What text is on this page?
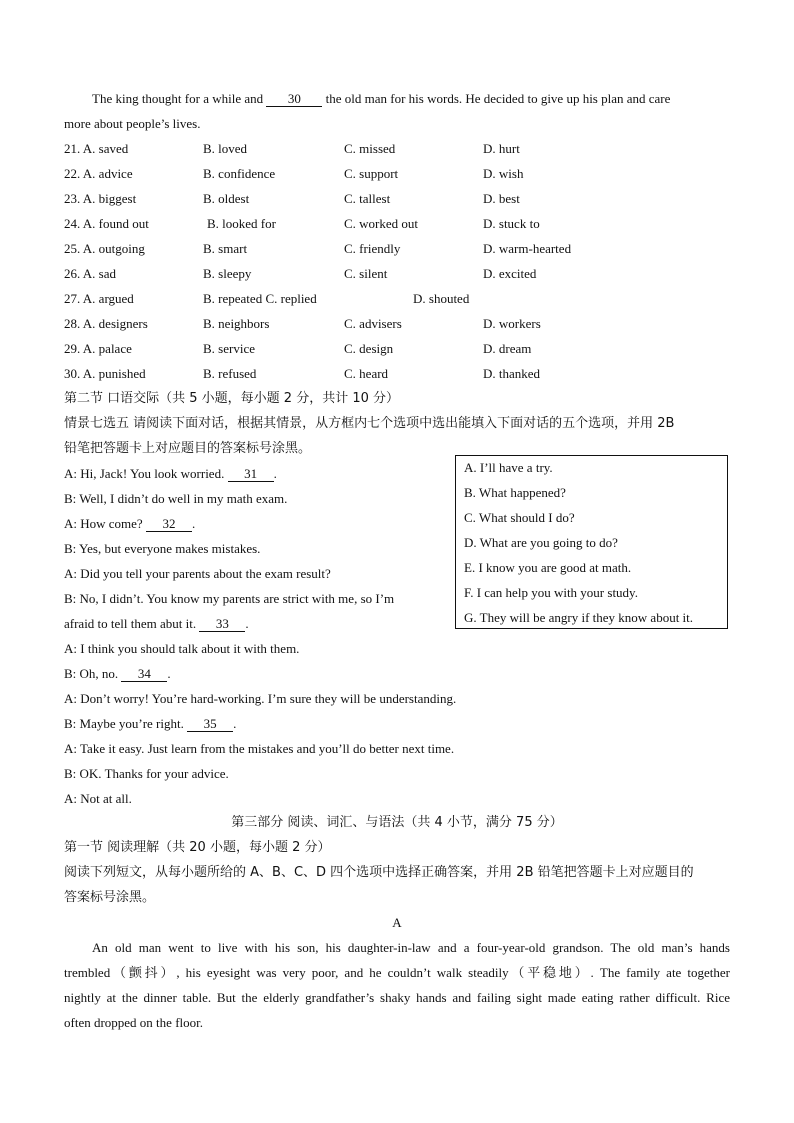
The king thought for a while and 30 the old man for his words. He decided to give up his plan and care
more about people’s lives.
21. A. saved	B. loved	C. missed	D. hurt
22. A. advice	B. confidence	C. support	D. wish
23. A. biggest	B. oldest	C. tallest	D. best
24. A. found out	B. looked for	C. worked out	D. stuck to
25. A. outgoing	B. smart	C. friendly	D. warm-hearted
26. A. sad	B. sleepy	C. silent	D. excited
27. A. argued	B. repeated C. replied	D. shouted
28. A. designers	B. neighbors	C. advisers	D. workers
29. A. palace	B. service	C. design	D. dream
30. A. punished	B. refused	C. heard	D. thanked
第二节 口语交际（共 5 小题，每小题 2 分，共计 10 分）
情景七选五 请阅读下面对话，根据其情景，从方框内七个选项中选出能填入下面对话的五个选项，并用 2B
铅笔把答题卡上对应题目的答案标号涂黑。
A: Hi, Jack! You look worried. 31 .
B: Well, I didn’t do well in my math exam.
A: How come? 32 .
B: Yes, but everyone makes mistakes.
A: Did you tell your parents about the exam result?
B: No, I didn’t. You know my parents are strict with me, so I’m
afraid to tell them abut it. 33 .
A: I think you should talk about it with them.
B: Oh, no. 34 .
A: Don’t worry! You’re hard-working. I’m sure they will be understanding.
B: Maybe you’re right. 35 .
A: Take it easy. Just learn from the mistakes and you’ll do better next time.
B: OK. Thanks for your advice.
A: Not at all.
A. I’ll have a try.
B. What happened?
C. What should I do?
D. What are you going to do?
E. I know you are good at math.
F. I can help you with your study.
G. They will be angry if they know about it.
第三部分 阅读、词汇、与语法（共 4 小节，满分 75 分）
第一节 阅读理解（共 20 小题，每小题 2 分）
阅读下列短文，从每小题所给的 A、B、C、D 四个选项中选择正确答案，并用 2B 铅笔把答题卡上对应题目的
答案标号涂黑。
A
An old man went to live with his son, his daughter-in-law and a four-year-old grandson. The old man’s hands
trembled（颤抖）, his eyesight was very poor, and he couldn’t walk steadily（平稳地）. The family ate together
nightly at the dinner table. But the elderly grandfather’s shaky hands and failing sight made eating rather difficult. Rice
often dropped on the floor.
